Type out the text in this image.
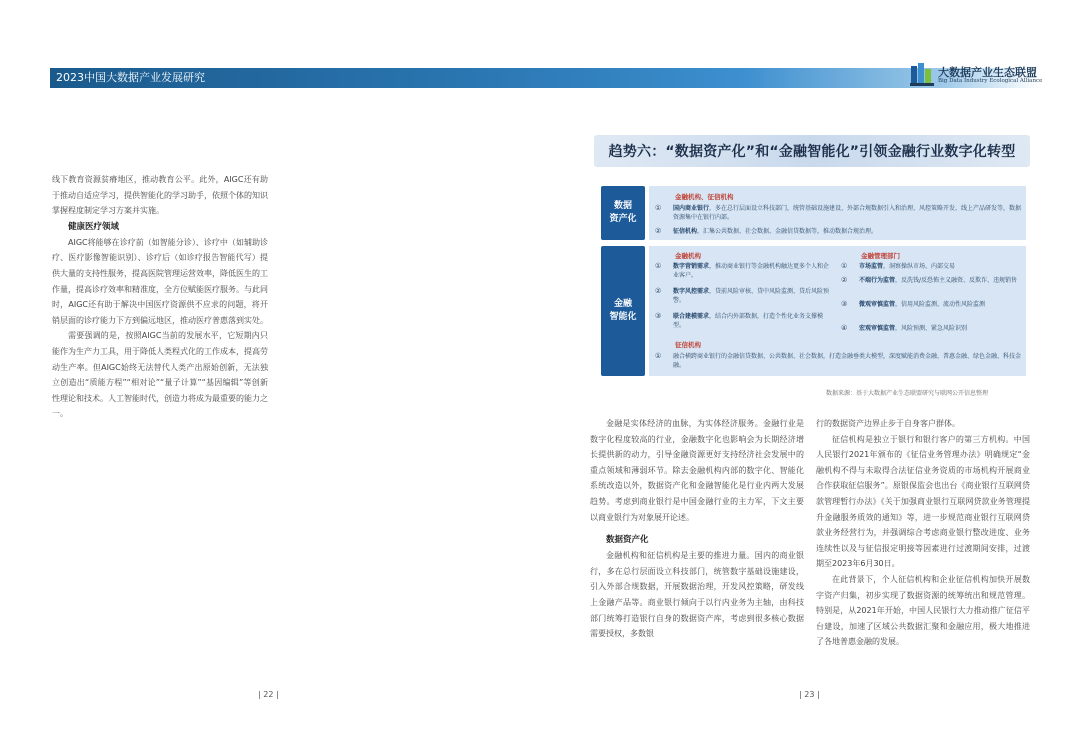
2023中国大数据产业发展研究	大数据产业生态联盟
Big Data Industry Ecological Alliance

线下教育资源贫瘠地区，推动教育公平。此外，AIGC还有助于推动自适应学习，提供智能化的学习助手，依照个体的知识掌握程度制定学习方案并实施。

健康医疗领域

AIGC将能够在诊疗前（如智能分诊）、诊疗中（如辅助诊疗、医疗影像智能识别）、诊疗后（如诊疗报告智能代写）提供大量的支持性服务，提高医院管理运营效率，降低医生的工作量，提高诊疗效率和精准度，全方位赋能医疗服务。与此同时，AIGC还有助于解决中国医疗资源供不应求的问题，将开销层面的诊疗能力下方到偏远地区，推动医疗普惠落到实处。

需要强调的是，按照AIGC当前的发展水平，它短期内只能作为生产力工具，用于降低人类程式化的工作成本，提高劳动生产率。但AIGC始终无法替代人类产出原始创新，无法独立创造出“质能方程”“相对论”“量子计算”“基因编辑”等创新性理论和技术。人工智能时代，创造力将成为最重要的能力之一。

| 22 |
趋势六：“数据资产化”和“金融智能化”引领金融行业数字化转型
数据
资产化
金融机构、征信机构
①	国内商业银行，多在总行层面设立科技部门，统管基础设施建设、外部合规数据引入和治理、风控策略开发、线上产品研发等，数据资源集中在银行内部。
②	征信机构，汇集公共数据、社会数据、金融信贷数据等，推动数据合规治理。
金融
智能化
金融机构
①	数字营销需求，推动商业银行等金融机构触达更多个人和企业客户。
②	数字风控需求，贷前风险审核、贷中风险监测、贷后风险预警。
③	联合建模需求，结合内外部数据，打造个性化业务支撑模型。
金融管理部门
①	市场监管，洞察操纵市场、内部交易
②	不端行为监管，反洗钱/反恐怖主义融资、反欺诈、违规销售
③	微观审慎监管，信用风险监测、流动性风险监测
④	宏观审慎监管，风险预测、紧急风险识别
征信机构
①	融合横跨商业银行的金融信贷数据、公共数据、社会数据，打造金融垂类大模型，深度赋能消费金融、普惠金融、绿色金融、科技金融。
数据来源：基于大数据产业生态联盟研究与联网公开信息整理

金融是实体经济的血脉，为实体经济服务。金融行业是数字化程度较高的行业，金融数字化也影响会为长期经济增长提供新的动力，引导金融资源更好支持经济社会发展中的重点领域和薄弱环节。除去金融机构内部的数字化、智能化系统改造以外，数据资产化和金融智能化是行业内两大发展趋势。考虑到商业银行是中国金融行业的主力军，下文主要以商业银行为对象展开论述。

数据资产化

金融机构和征信机构是主要的推进力量。国内的商业银行，多在总行层面设立科技部门，统管数字基础设施建设，引入外部合规数据，开展数据治理，开发风控策略，研发线上金融产品等。商业银行倾向于以行内业务为主轴，由科技部门统筹打造银行自身的数据资产库，考虑到很多核心数据需要授权，多数银

行的数据资产边界止步于自身客户群体。

征信机构是独立于银行和银行客户的第三方机构。中国人民银行2021年颁布的《征信业务管理办法》明确规定“金融机构不得与未取得合法征信业务资质的市场机构开展商业合作获取征信服务”。原银保监会也出台《商业银行互联网贷款管理暂行办法》《关于加强商业银行互联网贷款业务管理提升金融服务质效的通知》等，进一步规范商业银行互联网贷款业务经营行为，并强调综合考虑商业银行整改进度、业务连续性以及与征信报定明接等因素进行过渡期间安排，过渡期至2023年6月30日。

在此背景下，个人征信机构和企业征信机构加快开展数字资产归集，初步实现了数据资源的统筹统出和规范管理。特别是，从2021年开始，中国人民银行大力推动推广征信平台建设，加速了区域公共数据汇聚和金融应用，极大地推进了各地普惠金融的发展。

| 23 |
